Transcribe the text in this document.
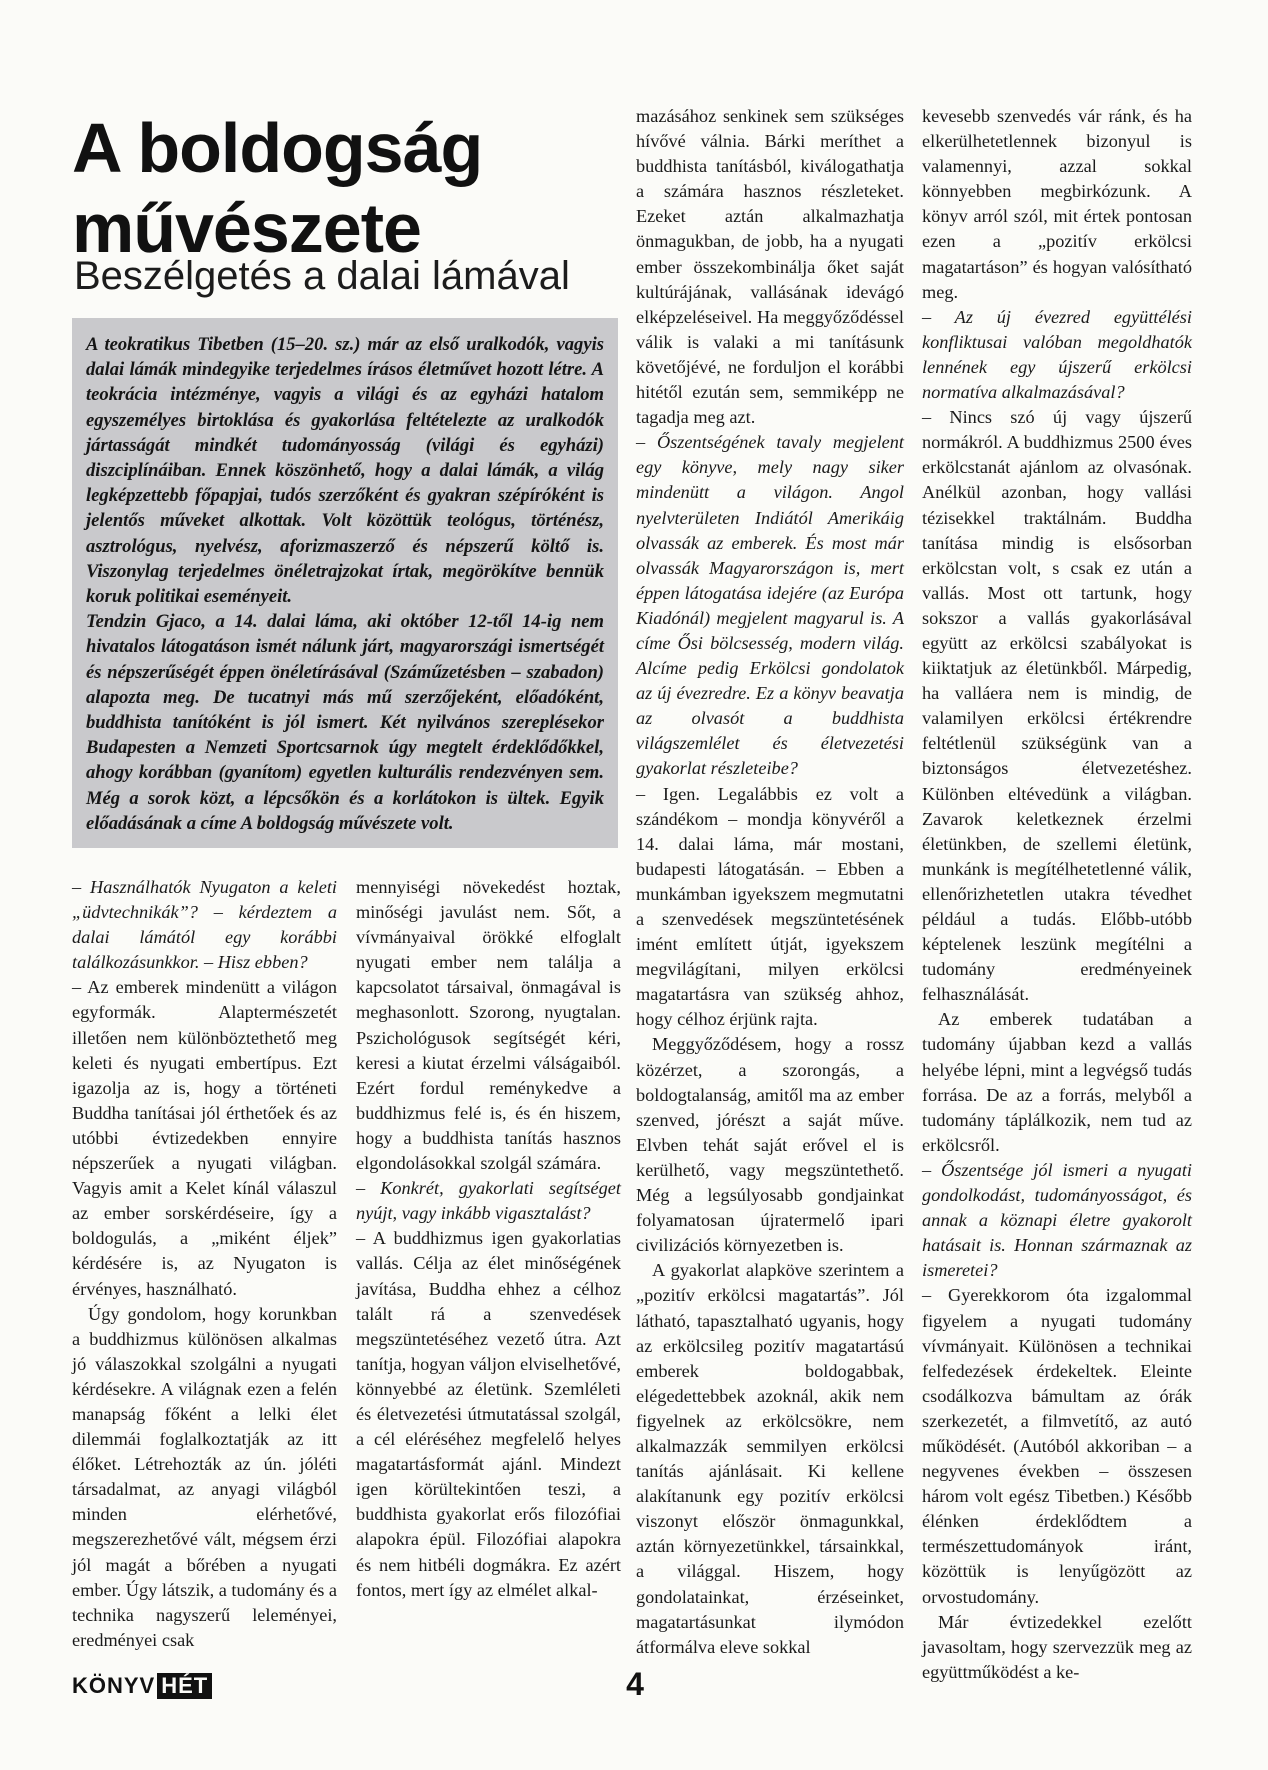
A boldogság művészete
Beszélgetés a dalai lámával

A teokratikus Tibetben (15–20. sz.) már az első uralkodók, vagyis dalai lámák mindegyike terjedelmes írásos életművet hozott létre. A teokrácia intézménye, vagyis a világi és az egyházi hatalom egyszemélyes birtoklása és gyakorlása feltételezte az uralkodók jártasságát mindkét tudományosság (világi és egyházi) diszciplínáiban. Ennek köszönhető, hogy a dalai lámák, a világ legképzettebb főpapjai, tudós szerzőként és gyakran szépíróként is jelentős műveket alkottak. Volt közöttük teológus, történész, asztrológus, nyelvész, aforizmaszerző és népszerű költő is. Viszonylag terjedelmes önéletrajzokat írtak, megörökítve bennük koruk politikai eseményeit.

Tendzin Gjaco, a 14. dalai láma, aki október 12-től 14-ig nem hivatalos látogatáson ismét nálunk járt, magyarországi ismertségét és népszerűségét éppen önéletírásával (Száműzetésben – szabadon) alapozta meg. De tucatnyi más mű szerzőjeként, előadóként, buddhista tanítóként is jól ismert. Két nyilvános szereplésekor Budapesten a Nemzeti Sportcsarnok úgy megtelt érdeklődőkkel, ahogy korábban (gyanítom) egyetlen kulturális rendezvényen sem. Még a sorok közt, a lépcsőkön és a korlátokon is ültek. Egyik előadásának a címe A boldogság művészete volt.

– Használhatók Nyugaton a keleti „üdvtechnikák”? – kérdeztem a dalai lámától egy korábbi találkozásunkkor. – Hisz ebben?

– Az emberek mindenütt a világon egyformák. Alaptermészetét illetően nem különböztethető meg keleti és nyugati embertípus. Ezt igazolja az is, hogy a történeti Buddha tanításai jól érthetőek és az utóbbi évtizedekben ennyire népszerűek a nyugati világban. Vagyis amit a Kelet kínál válaszul az ember sorskérdéseire, így a boldogulás, a „miként éljek” kérdésére is, az Nyugaton is érvényes, használható.

Úgy gondolom, hogy korunkban a buddhizmus különösen alkalmas jó válaszokkal szolgálni a nyugati kérdésekre. A világnak ezen a felén manapság főként a lelki élet dilemmái foglalkoztatják az itt élőket. Létrehozták az ún. jóléti társadalmat, az anyagi világból minden elérhetővé, megszerezhetővé vált, mégsem érzi jól magát a bőrében a nyugati ember. Úgy látszik, a tudomány és a technika nagyszerű leleményei, eredményei csak

mennyiségi növekedést hoztak, minőségi javulást nem. Sőt, a vívmányaival örökké elfoglalt nyugati ember nem találja a kapcsolatot társaival, önmagával is meghasonlott. Szorong, nyugtalan. Pszichológusok segítségét kéri, keresi a kiutat érzelmi válságaiból. Ezért fordul reménykedve a buddhizmus felé is, és én hiszem, hogy a buddhista tanítás hasznos elgondolásokkal szolgál számára.

– Konkrét, gyakorlati segítséget nyújt, vagy inkább vigasztalást?

– A buddhizmus igen gyakorlatias vallás. Célja az élet minőségének javítása, Buddha ehhez a célhoz talált rá a szenvedések megszüntetéséhez vezető útra. Azt tanítja, hogyan váljon elviselhetővé, könnyebbé az életünk. Szemléleti és életvezetési útmutatással szolgál, a cél eléréséhez megfelelő helyes magatartásformát ajánl. Mindezt igen körültekintően teszi, a buddhista gyakorlat erős filozófiai alapokra épül. Filozófiai alapokra és nem hitbéli dogmákra. Ez azért fontos, mert így az elmélet alkal-

mazásához senkinek sem szükséges hívővé válnia. Bárki meríthet a buddhista tanításból, kiválogathatja a számára hasznos részleteket. Ezeket aztán alkalmazhatja önmagukban, de jobb, ha a nyugati ember összekombinálja őket saját kultúrájának, vallásának idevágó elképzeléseivel. Ha meggyőződéssel válik is valaki a mi tanításunk követőjévé, ne forduljon el korábbi hitétől ezután sem, semmiképp ne tagadja meg azt.

– Őszentségének tavaly megjelent egy könyve, mely nagy siker mindenütt a világon. Angol nyelvterületen Indiától Amerikáig olvassák az emberek. És most már olvassák Magyarországon is, mert éppen látogatása idejére (az Európa Kiadónál) megjelent magyarul is. A címe Ősi bölcsesség, modern világ. Alcíme pedig Erkölcsi gondolatok az új évezredre. Ez a könyv beavatja az olvasót a buddhista világszemlélet és életvezetési gyakorlat részleteibe?

– Igen. Legalábbis ez volt a szándékom – mondja könyvéről a 14. dalai láma, már mostani, budapesti látogatásán. – Ebben a munkámban igyekszem megmutatni a szenvedések megszüntetésének imént említett útját, igyekszem megvilágítani, milyen erkölcsi magatartásra van szükség ahhoz, hogy célhoz érjünk rajta.

Meggyőződésem, hogy a rossz közérzet, a szorongás, a boldogtalanság, amitől ma az ember szenved, jórészt a saját műve. Elvben tehát saját erővel el is kerülhető, vagy megszüntethető. Még a legsúlyosabb gondjainkat folyamatosan újratermelő ipari civilizációs környezetben is.

A gyakorlat alapköve szerintem a „pozitív erkölcsi magatartás”. Jól látható, tapasztalható ugyanis, hogy az erkölcsileg pozitív magatartású emberek boldogabbak, elégedettebbek azoknál, akik nem figyelnek az erkölcsökre, nem alkalmazzák semmilyen erkölcsi tanítás ajánlásait. Ki kellene alakítanunk egy pozitív erkölcsi viszonyt először önmagunkkal, aztán környezetünkkel, társainkkal, a világgal. Hiszem, hogy gondolatainkat, érzéseinket, magatartásunkat ilymódon átformálva eleve sokkal

kevesebb szenvedés vár ránk, és ha elkerülhetetlennek bizonyul is valamennyi, azzal sokkal könnyebben megbirkózunk. A könyv arról szól, mit értek pontosan ezen a „pozitív erkölcsi magatartáson” és hogyan valósítható meg.

– Az új évezred együttélési konfliktusai valóban megoldhatók lennének egy újszerű erkölcsi normatíva alkalmazásával?

– Nincs szó új vagy újszerű normákról. A buddhizmus 2500 éves erkölcstanát ajánlom az olvasónak. Anélkül azonban, hogy vallási tézisekkel traktálnám. Buddha tanítása mindig is elsősorban erkölcstan volt, s csak ez után a vallás. Most ott tartunk, hogy sokszor a vallás gyakorlásával együtt az erkölcsi szabályokat is kiiktatjuk az életünkből. Márpedig, ha valláera nem is mindig, de valamilyen erkölcsi értékrendre feltétlenül szükségünk van a biztonságos életvezetéshez. Különben eltévedünk a világban. Zavarok keletkeznek érzelmi életünkben, de szellemi életünk, munkánk is megítélhetetlenné válik, ellenőrizhetetlen utakra tévedhet például a tudás. Előbb-utóbb képtelenek leszünk megítélni a tudomány eredményeinek felhasználását.

Az emberek tudatában a tudomány újabban kezd a vallás helyébe lépni, mint a legvégső tudás forrása. De az a forrás, melyből a tudomány táplálkozik, nem tud az erkölcsről.

– Őszentsége jól ismeri a nyugati gondolkodást, tudományosságot, és annak a köznapi életre gyakorolt hatásait is. Honnan származnak az ismeretei?

– Gyerekkorom óta izgalommal figyelem a nyugati tudomány vívmányait. Különösen a technikai felfedezések érdekeltek. Eleinte csodálkozva bámultam az órák szerkezetét, a filmvetítő, az autó működését. (Autóból akkoriban – a negyvenes években – összesen három volt egész Tibetben.) Később élénken érdeklődtem a természettudományok iránt, közöttük is lenyűgözött az orvostudomány.

Már évtizedekkel ezelőtt javasoltam, hogy szervezzük meg az együttműködést a ke-

KÖNYV HÉT	4
